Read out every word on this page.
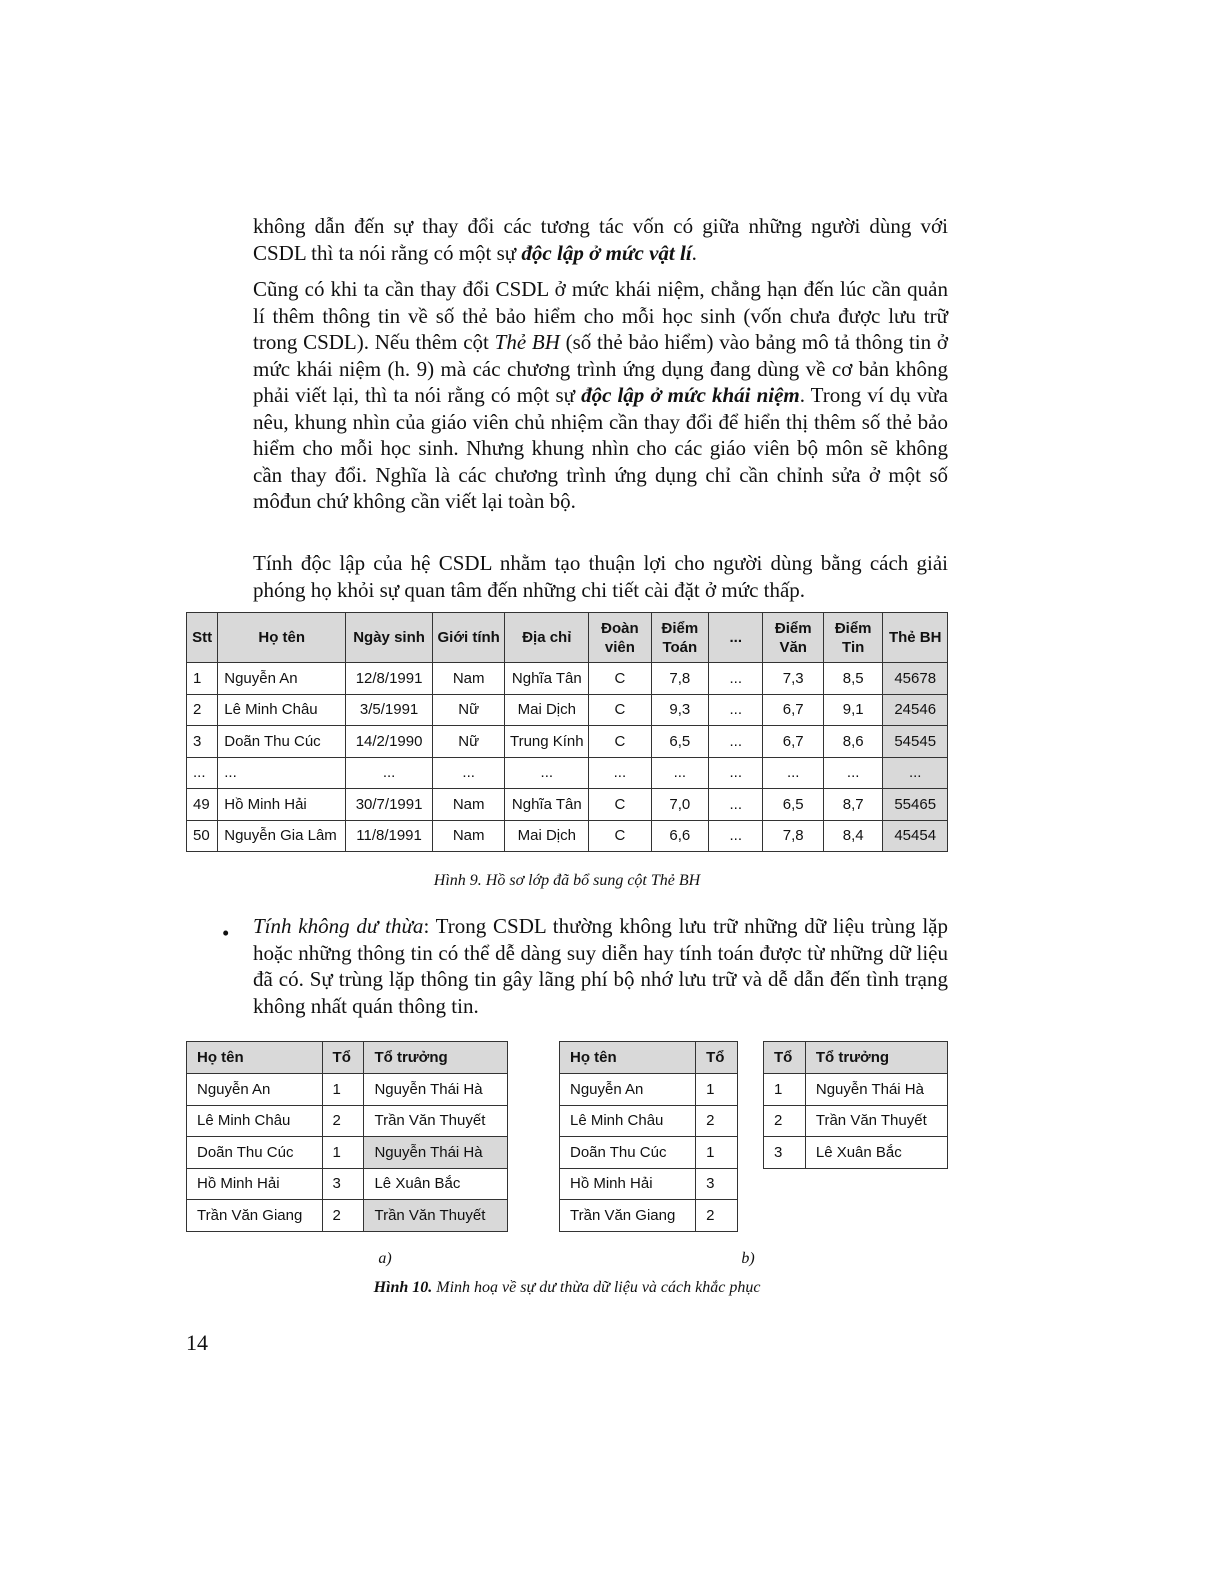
không dẫn đến sự thay đổi các tương tác vốn có giữa những người dùng với CSDL thì ta nói rằng có một sự độc lập ở mức vật lí.
Cũng có khi ta cần thay đổi CSDL ở mức khái niệm, chẳng hạn đến lúc cần quản lí thêm thông tin về số thẻ bảo hiểm cho mỗi học sinh (vốn chưa được lưu trữ trong CSDL). Nếu thêm cột Thẻ BH (số thẻ bảo hiểm) vào bảng mô tả thông tin ở mức khái niệm (h. 9) mà các chương trình ứng dụng đang dùng về cơ bản không phải viết lại, thì ta nói rằng có một sự độc lập ở mức khái niệm. Trong ví dụ vừa nêu, khung nhìn của giáo viên chủ nhiệm cần thay đổi để hiển thị thêm số thẻ bảo hiểm cho mỗi học sinh. Nhưng khung nhìn cho các giáo viên bộ môn sẽ không cần thay đổi. Nghĩa là các chương trình ứng dụng chỉ cần chỉnh sửa ở một số môđun chứ không cần viết lại toàn bộ.
Tính độc lập của hệ CSDL nhằm tạo thuận lợi cho người dùng bằng cách giải phóng họ khỏi sự quan tâm đến những chi tiết cài đặt ở mức thấp.
Stt	Họ tên	Ngày sinh	Giới tính	Địa chỉ	Đoàn viên	Điểm Toán	...	Điểm Văn	Điểm Tin	Thẻ BH
1	Nguyễn An	12/8/1991	Nam	Nghĩa Tân	C	7,8	...	7,3	8,5	45678
2	Lê Minh Châu	3/5/1991	Nữ	Mai Dịch	C	9,3	...	6,7	9,1	24546
3	Doãn Thu Cúc	14/2/1990	Nữ	Trung Kính	C	6,5	...	6,7	8,6	54545
...	...	...	...	...	...	...	...	...	...	...
49	Hồ Minh Hải	30/7/1991	Nam	Nghĩa Tân	C	7,0	...	6,5	8,7	55465
50	Nguyễn Gia Lâm	11/8/1991	Nam	Mai Dịch	C	6,6	...	7,8	8,4	45454
Hình 9. Hồ sơ lớp đã bổ sung cột Thẻ BH
• Tính không dư thừa: Trong CSDL thường không lưu trữ những dữ liệu trùng lặp hoặc những thông tin có thể dễ dàng suy diễn hay tính toán được từ những dữ liệu đã có. Sự trùng lặp thông tin gây lãng phí bộ nhớ lưu trữ và dễ dẫn đến tình trạng không nhất quán thông tin.
Họ tên	Tổ	Tổ trưởng
Nguyễn An	1	Nguyễn Thái Hà
Lê Minh Châu	2	Trần Văn Thuyết
Doãn Thu Cúc	1	Nguyễn Thái Hà
Hồ Minh Hải	3	Lê Xuân Bắc
Trần Văn Giang	2	Trần Văn Thuyết
Họ tên	Tổ
Nguyễn An	1
Lê Minh Châu	2
Doãn Thu Cúc	1
Hồ Minh Hải	3
Trần Văn Giang	2
Tổ	Tổ trưởng
1	Nguyễn Thái Hà
2	Trần Văn Thuyết
3	Lê Xuân Bắc
a)	b)
Hình 10. Minh hoạ về sự dư thừa dữ liệu và cách khắc phục
14
